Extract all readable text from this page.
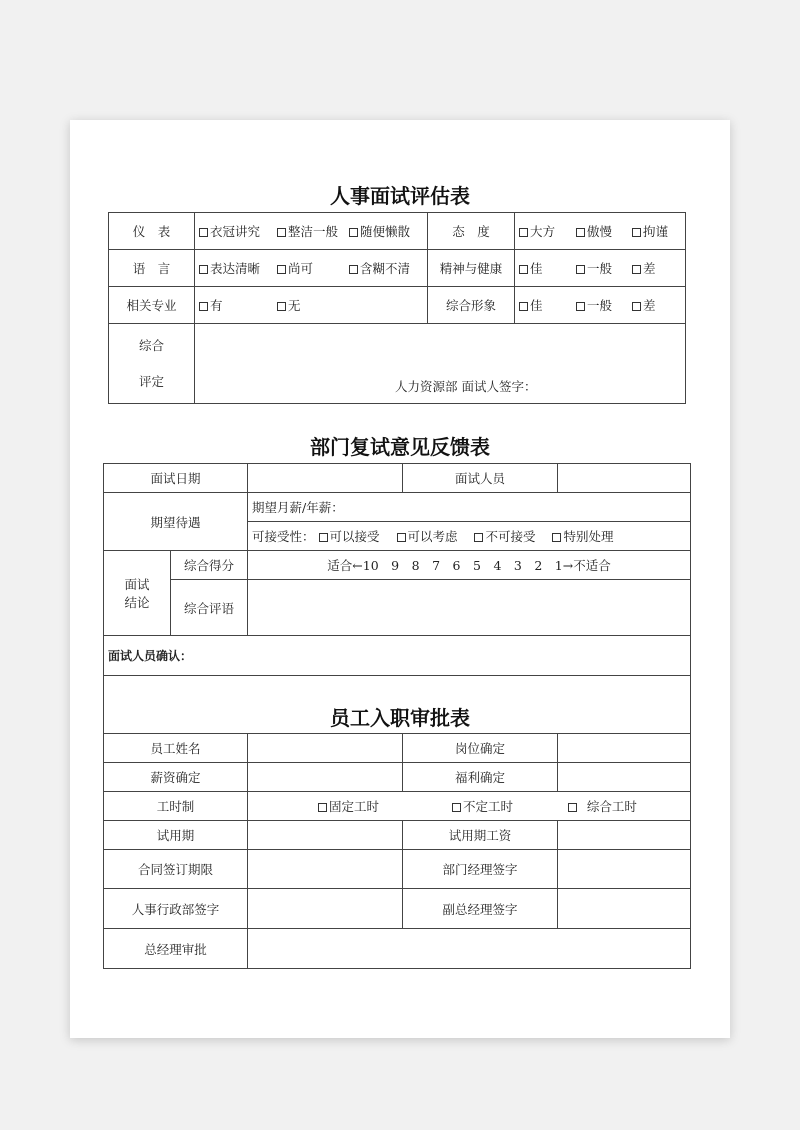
人事面试评估表
仪　表	衣冠讲究 整洁一般 随便懒散	态　度	大方 傲慢 拘谨
语　言	表达清晰 尚可 含糊不清	精神与健康	佳 一般 差
相关专业	有 无	综合形象	佳 一般 差

综合
评定	人力资源部 面试人签字：		
部门复试意见反馈表
面试日期			面试人员	
期望待遇		期望月薪/年薪：		
		可接受性： 可以接受 可以考虑 不可接受 特别处理		

面试
结论	综合得分	适合←10　9　8　7　6　5　4　3　2　1→不适合		
	综合评语			
面试人员确认：				

员工入职审批表
员工姓名		岗位确定	
薪资确定		福利确定	
工时制	固定工时 不定工时 综合工时		
试用期		试用期工资	
合同签订期限		部门经理签字	
人事行政部签字		副总经理签字	
总经理审批			
